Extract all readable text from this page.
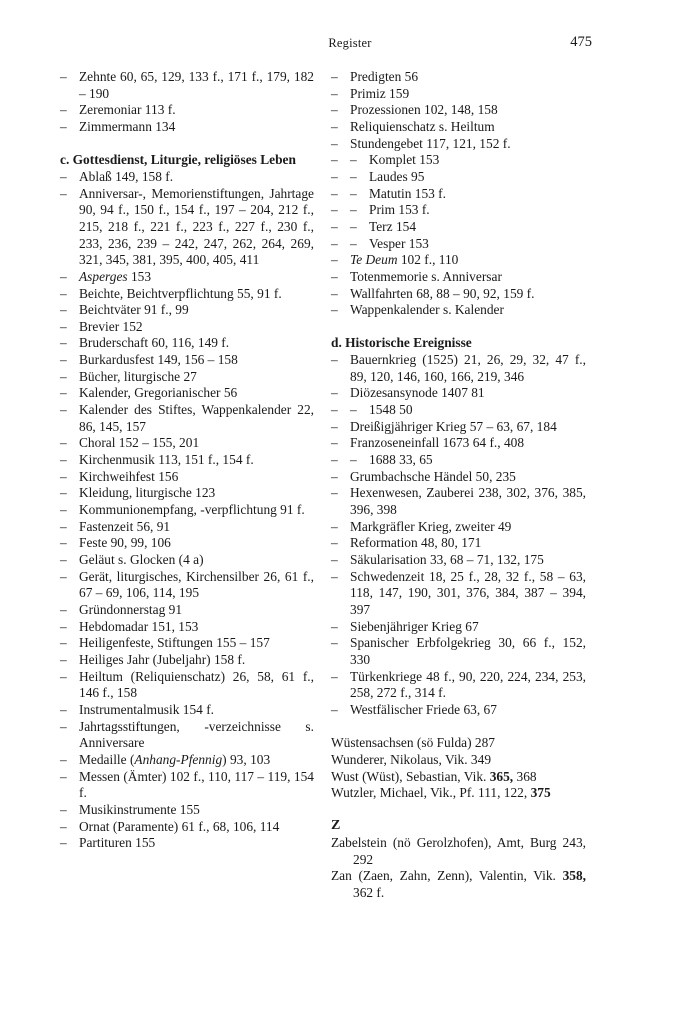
Register	475
– Zehnte 60, 65, 129, 133 f., 171 f., 179, 182 – 190
– Zeremoniar 113 f.
– Zimmermann 134
c. Gottesdienst, Liturgie, religiöses Leben
– Ablaß 149, 158 f.
– Anniversar-, Memorienstiftungen, Jahrtage 90, 94 f., 150 f., 154 f., 197 – 204, 212 f., 215, 218 f., 221 f., 223 f., 227 f., 230 f., 233, 236, 239 – 242, 247, 262, 264, 269, 321, 345, 381, 395, 400, 405, 411
– Asperges 153
– Beichte, Beichtverpflichtung 55, 91 f.
– Beichtväter 91 f., 99
– Brevier 152
– Bruderschaft 60, 116, 149 f.
– Burkardusfest 149, 156 – 158
– Bücher, liturgische 27
– Kalender, Gregorianischer 56
– Kalender des Stiftes, Wappenkalender 22, 86, 145, 157
– Choral 152 – 155, 201
– Kirchenmusik 113, 151 f., 154 f.
– Kirchweihfest 156
– Kleidung, liturgische 123
– Kommunionempfang, -verpflichtung 91 f.
– Fastenzeit 56, 91
– Feste 90, 99, 106
– Geläut s. Glocken (4 a)
– Gerät, liturgisches, Kirchensilber 26, 61 f., 67 – 69, 106, 114, 195
– Gründonnerstag 91
– Hebdomadar 151, 153
– Heiligenfeste, Stiftungen 155 – 157
– Heiliges Jahr (Jubeljahr) 158 f.
– Heiltum (Reliquienschatz) 26, 58, 61 f., 146 f., 158
– Instrumentalmusik 154 f.
– Jahrtagsstiftungen, -verzeichnisse s. Anniversare
– Medaille (Anhang-Pfennig) 93, 103
– Messen (Ämter) 102 f., 110, 117 – 119, 154 f.
– Musikinstrumente 155
– Ornat (Paramente) 61 f., 68, 106, 114
– Partituren 155
– Predigten 56
– Primiz 159
– Prozessionen 102, 148, 158
– Reliquienschatz s. Heiltum
– Stundengebet 117, 121, 152 f.
– – Komplet 153
– – Laudes 95
– – Matutin 153 f.
– – Prim 153 f.
– – Terz 154
– – Vesper 153
– Te Deum 102 f., 110
– Totenmemorie s. Anniversar
– Wallfahrten 68, 88 – 90, 92, 159 f.
– Wappenkalender s. Kalender
d. Historische Ereignisse
– Bauernkrieg (1525) 21, 26, 29, 32, 47 f., 89, 120, 146, 160, 166, 219, 346
– Diözesansynode 1407 81
– – 1548 50
– Dreißigjähriger Krieg 57 – 63, 67, 184
– Franzoseneinfall 1673 64 f., 408
– – 1688 33, 65
– Grumbachsche Händel 50, 235
– Hexenwesen, Zauberei 238, 302, 376, 385, 396, 398
– Markgräfler Krieg, zweiter 49
– Reformation 48, 80, 171
– Säkularisation 33, 68 – 71, 132, 175
– Schwedenzeit 18, 25 f., 28, 32 f., 58 – 63, 118, 147, 190, 301, 376, 384, 387 – 394, 397
– Siebenjähriger Krieg 67
– Spanischer Erbfolgekrieg 30, 66 f., 152, 330
– Türkenkriege 48 f., 90, 220, 224, 234, 253, 258, 272 f., 314 f.
– Westfälischer Friede 63, 67
Wüstensachsen (sö Fulda) 287
Wunderer, Nikolaus, Vik. 349
Wust (Wüst), Sebastian, Vik. 365, 368
Wutzler, Michael, Vik., Pf. 111, 122, 375
Z
Zabelstein (nö Gerolzhofen), Amt, Burg 243, 292
Zan (Zaen, Zahn, Zenn), Valentin, Vik. 358, 362 f.
